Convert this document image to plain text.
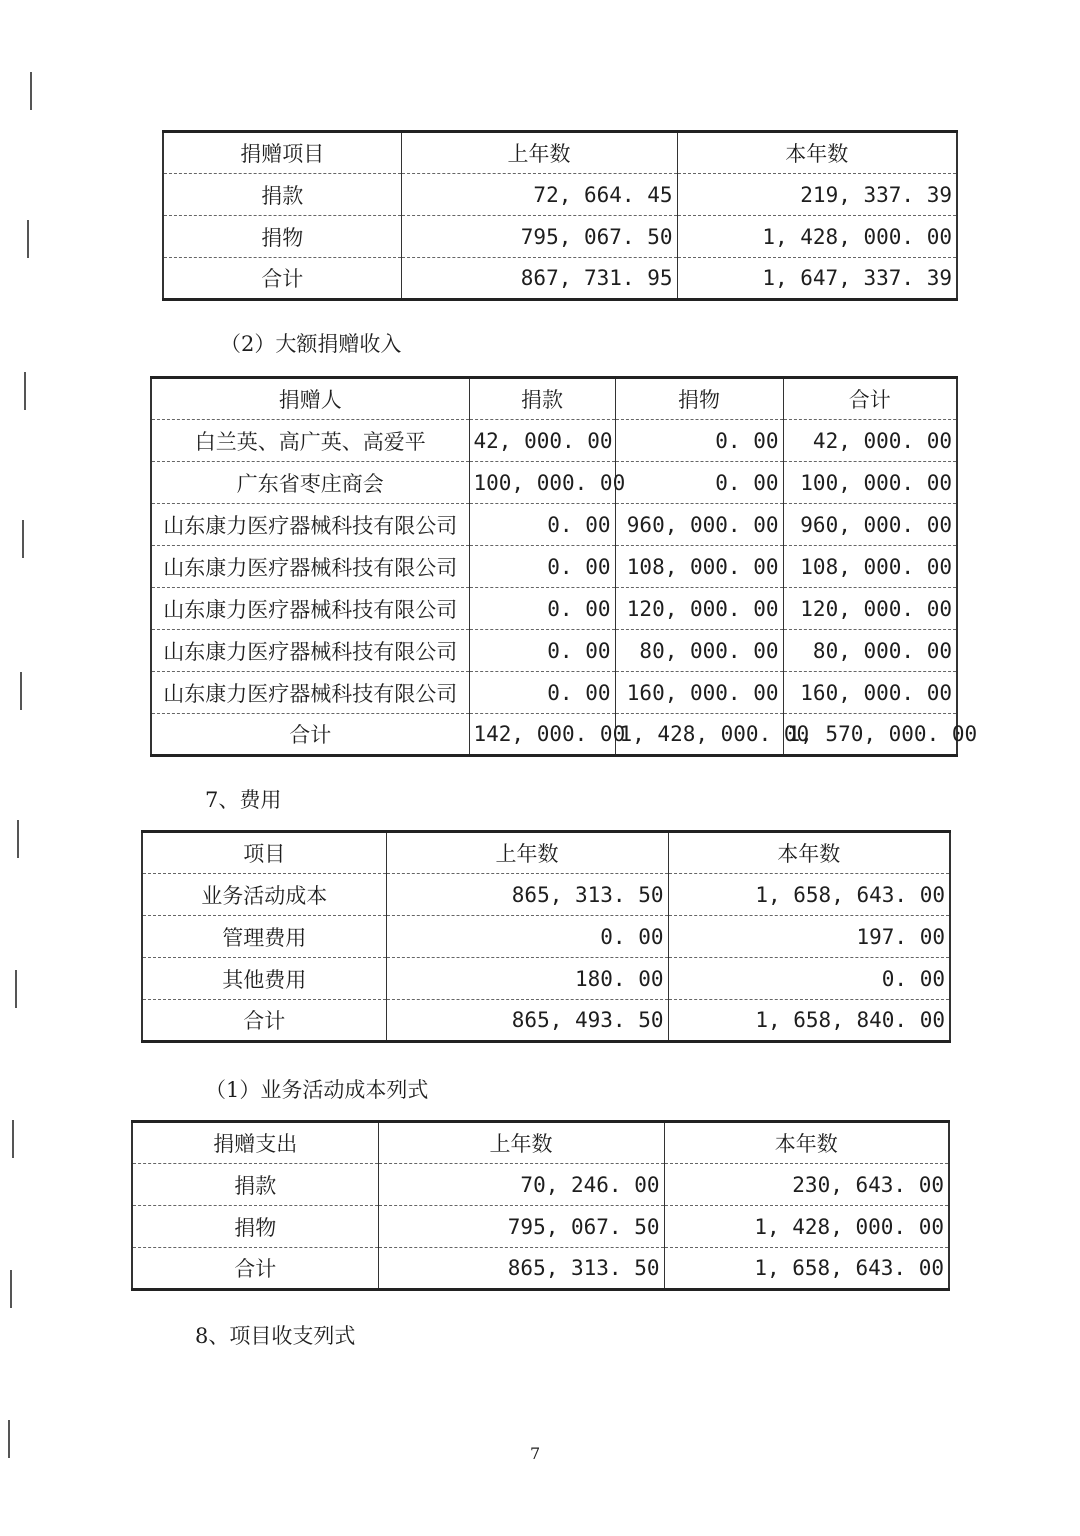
捐赠项目	上年数	本年数
捐款	72, 664. 45	219, 337. 39
捐物	795, 067. 50	1, 428, 000. 00
合计	867, 731. 95	1, 647, 337. 39
（2）大额捐赠收入
捐赠人	捐款	捐物	合计
白兰英、高广英、高爱平	42, 000. 00	0. 00	42, 000. 00
广东省枣庄商会	100, 000. 00	0. 00	100, 000. 00
山东康力医疗器械科技有限公司	0. 00	960, 000. 00	960, 000. 00
山东康力医疗器械科技有限公司	0. 00	108, 000. 00	108, 000. 00
山东康力医疗器械科技有限公司	0. 00	120, 000. 00	120, 000. 00
山东康力医疗器械科技有限公司	0. 00	80, 000. 00	80, 000. 00
山东康力医疗器械科技有限公司	0. 00	160, 000. 00	160, 000. 00
合计	142, 000. 00	1, 428, 000. 00	1, 570, 000. 00
7、费用
项目	上年数	本年数
业务活动成本	865, 313. 50	1, 658, 643. 00
管理费用	0. 00	197. 00
其他费用	180. 00	0. 00
合计	865, 493. 50	1, 658, 840. 00
（1）业务活动成本列式
捐赠支出	上年数	本年数
捐款	70, 246. 00	230, 643. 00
捐物	795, 067. 50	1, 428, 000. 00
合计	865, 313. 50	1, 658, 643. 00
8、项目收支列式
7
